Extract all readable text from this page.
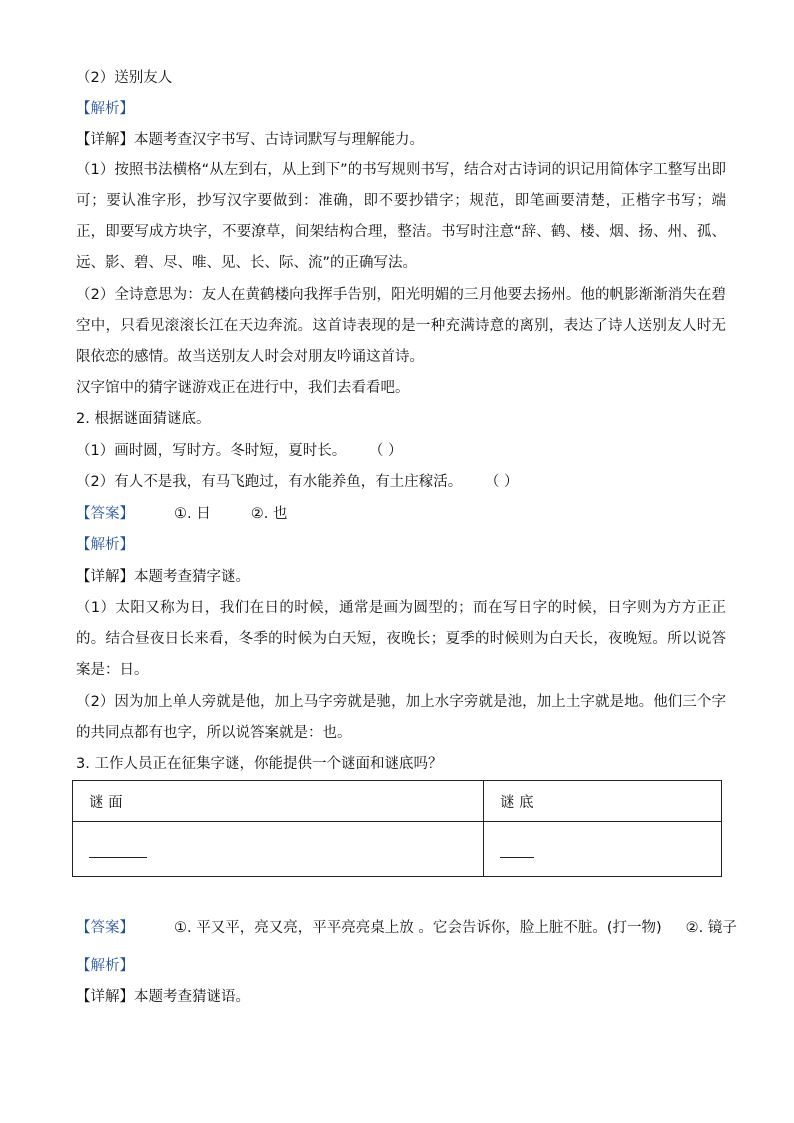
（2）送别友人
【解析】
【详解】本题考查汉字书写、古诗词默写与理解能力。
（1）按照书法横格“从左到右，从上到下”的书写规则书写，结合对古诗词的识记用简体字工整写出即可；要认准字形，抄写汉字要做到：准确，即不要抄错字；规范，即笔画要清楚，正楷字书写；端正，即要写成方块字，不要潦草，间架结构合理，整洁。书写时注意“辞、鹤、楼、烟、扬、州、孤、远、影、碧、尽、唯、见、长、际、流”的正确写法。
（2）全诗意思为：友人在黄鹤楼向我挥手告别，阳光明媚的三月他要去扬州。他的帆影渐渐消失在碧空中，只看见滚滚长江在天边奔流。这首诗表现的是一种充满诗意的离别，表达了诗人送别友人时无限依恋的感情。故当送别友人时会对朋友吟诵这首诗。
汉字馆中的猜字谜游戏正在进行中，我们去看看吧。
2. 根据谜面猜谜底。
（1）画时圆，写时方。冬时短，夏时长。 （ ）
（2）有人不是我，有马飞跑过，有水能养鱼，有土庄稼活。 （ ）
【答案】	①. 日	②. 也
【解析】
【详解】本题考查猜字谜。
（1）太阳又称为日，我们在日的时候，通常是画为圆型的；而在写日字的时候，日字则为方方正正的。结合昼夜日长来看，冬季的时候为白天短，夜晚长；夏季的时候则为白天长，夜晚短。所以说答案是：日。
（2）因为加上单人旁就是他，加上马字旁就是驰，加上水字旁就是池，加上土字就是地。他们三个字的共同点都有也字，所以说答案就是：也。
3. 工作人员正在征集字谜，你能提供一个谜面和谜底吗？
谜 面	谜 底

【答案】	①. 平又平，亮又亮，平平亮亮桌上放 。它会告诉你，脸上脏不脏。(打一物) ②. 镜子
【解析】
【详解】本题考查猜谜语。
